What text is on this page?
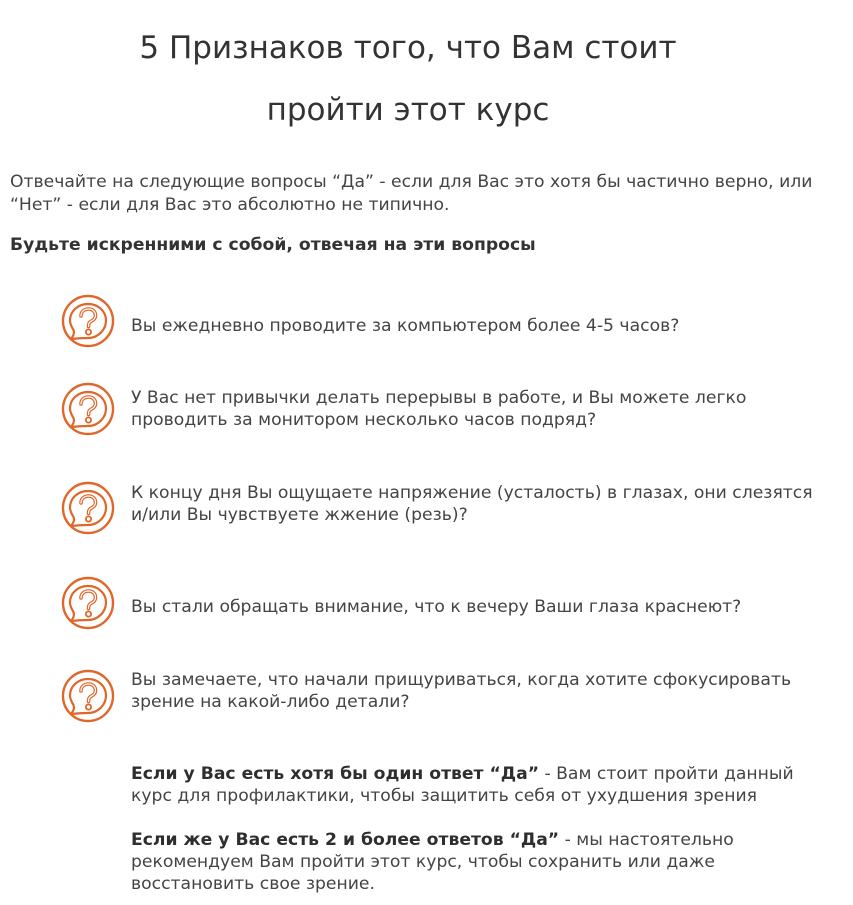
5 Признаков того, что Вам стоит
пройти этот курс

Отвечайте на следующие вопросы “Да” - если для Вас это хотя бы частично верно, или “Нет” - если для Вас это абсолютно не типично.

Будьте искренними с собой, отвечая на эти вопросы

Вы ежедневно проводите за компьютером более 4-5 часов?

У Вас нет привычки делать перерывы в работе, и Вы можете легко проводить за монитором несколько часов подряд?

К концу дня Вы ощущаете напряжение (усталость) в глазах, они слезятся и/или Вы чувствуете жжение (резь)?

Вы стали обращать внимание, что к вечеру Ваши глаза краснеют?

Вы замечаете, что начали прищуриваться, когда хотите сфокусировать зрение на какой-либо детали?

Если у Вас есть хотя бы один ответ “Да” - Вам стоит пройти данный курс для профилактики, чтобы защитить себя от ухудшения зрения

Если же у Вас есть 2 и более ответов “Да” - мы настоятельно рекомендуем Вам пройти этот курс, чтобы сохранить или даже восстановить свое зрение.
